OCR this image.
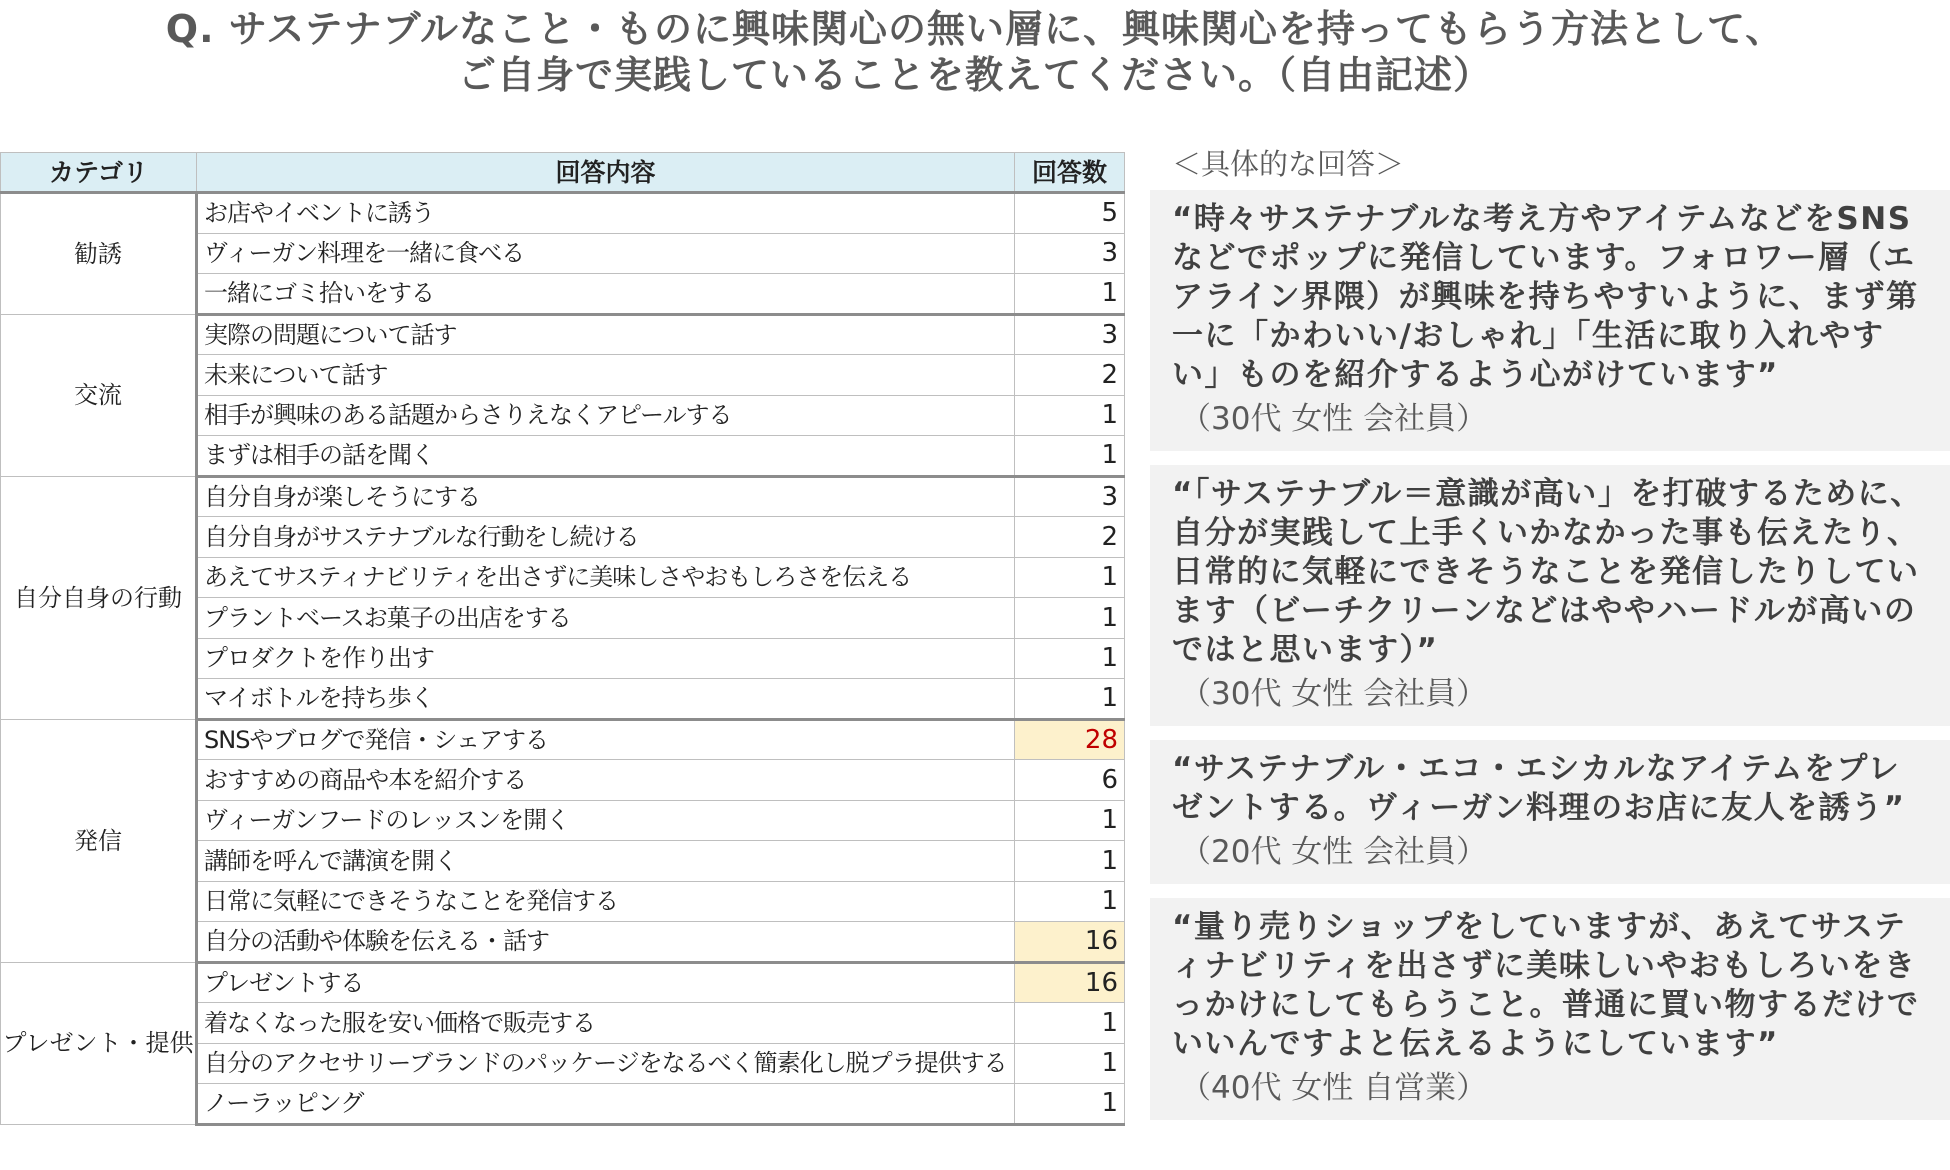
Q. サステナブルなこと・ものに興味関心の無い層に、興味関心を持ってもらう方法として、
ご自身で実践していることを教えてください。（自由記述）
カテゴリ	回答内容	回答数
勧誘	お店やイベントに誘う	5
	ヴィーガン料理を一緒に食べる	3
	一緒にゴミ拾いをする	1
交流	実際の問題について話す	3
	未来について話す	2
	相手が興味のある話題からさりえなくアピールする	1
	まずは相手の話を聞く	1
自分自身の行動	自分自身が楽しそうにする	3
	自分自身がサステナブルな行動をし続ける	2
	あえてサスティナビリティを出さずに美味しさやおもしろさを伝える	1
	プラントベースお菓子の出店をする	1
	プロダクトを作り出す	1
	マイボトルを持ち歩く	1
発信	SNSやブログで発信・シェアする	28
	おすすめの商品や本を紹介する	6
	ヴィーガンフードのレッスンを開く	1
	講師を呼んで講演を開く	1
	日常に気軽にできそうなことを発信する	1
	自分の活動や体験を伝える・話す	16
プレゼント・提供	プレゼントする	16
	着なくなった服を安い価格で販売する	1
	自分のアクセサリーブランドのパッケージをなるべく簡素化し脱プラ提供する	1
	ノーラッピング	1
＜具体的な回答＞
“時々サステナブルな考え方やアイテムなどをSNSなどでポップに発信しています。フォロワー層（エアライン界隈）が興味を持ちやすいように、まず第一に「かわいい/おしゃれ」「生活に取り入れやすい」ものを紹介するよう心がけています”
（30代 女性 会社員）
“「サステナブル＝意識が高い」を打破するために、自分が実践して上手くいかなかった事も伝えたり、日常的に気軽にできそうなことを発信したりしています（ビーチクリーンなどはややハードルが高いのではと思います）”
（30代 女性 会社員）
“サステナブル・エコ・エシカルなアイテムをプレゼントする。ヴィーガン料理のお店に友人を誘う”
（20代 女性 会社員）
“量り売りショップをしていますが、あえてサスティナビリティを出さずに美味しいやおもしろいをきっかけにしてもらうこと。普通に買い物するだけでいいんですよと伝えるようにしています”
（40代 女性 自営業）
